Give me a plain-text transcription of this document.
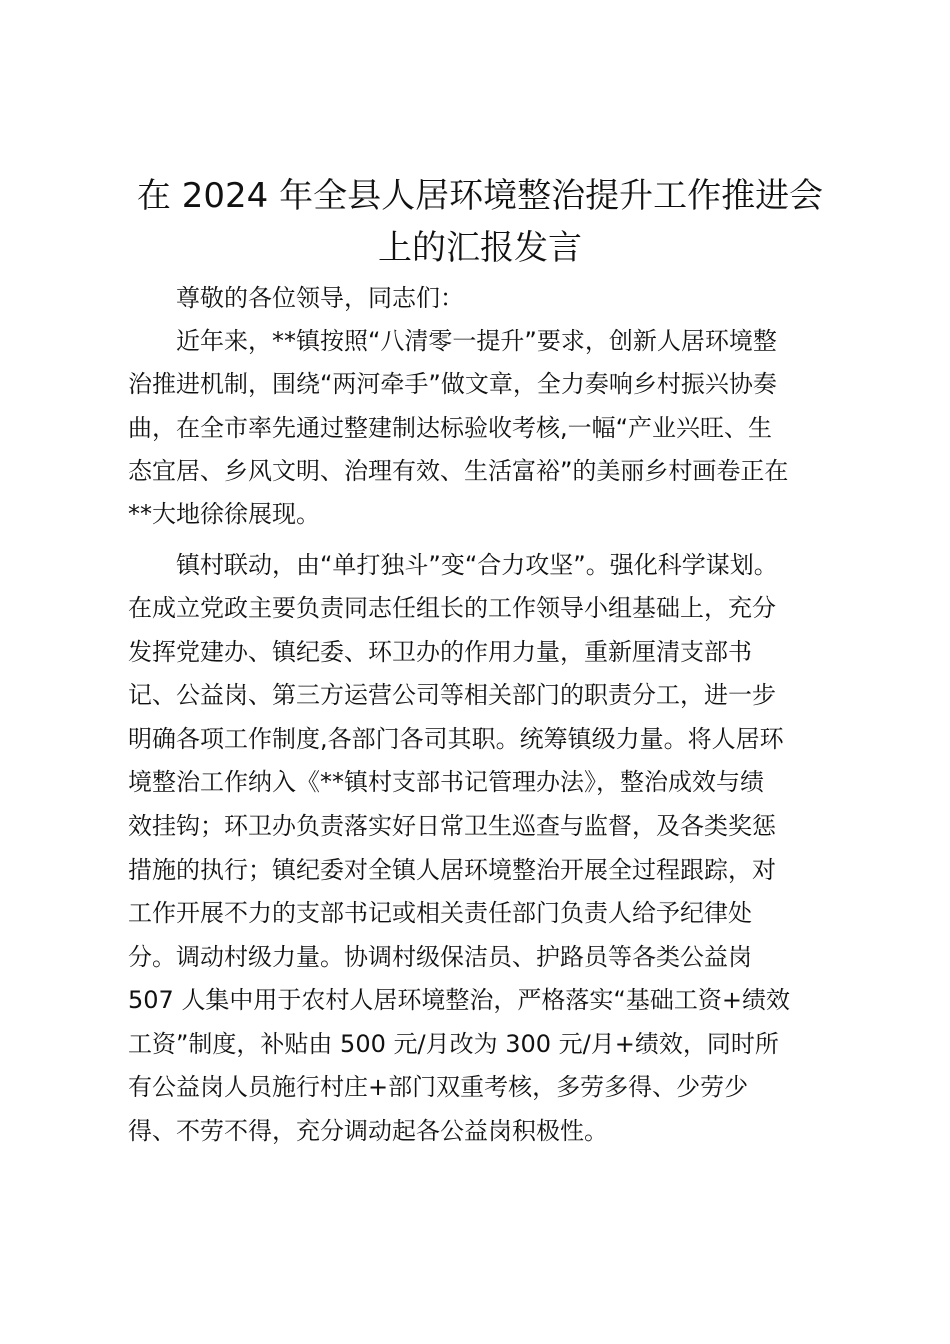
在 2024 年全县人居环境整治提升工作推进会
上的汇报发言

尊敬的各位领导，同志们：

近年来，**镇按照“八清零一提升”要求，创新人居环境整

治推进机制，围绕“两河牵手”做文章，全力奏响乡村振兴协奏

曲，在全市率先通过整建制达标验收考核,一幅“产业兴旺、生

态宜居、乡风文明、治理有效、生活富裕”的美丽乡村画卷正在

**大地徐徐展现。

镇村联动，由“单打独斗”变“合力攻坚”。强化科学谋划。

在成立党政主要负责同志任组长的工作领导小组基础上，充分

发挥党建办、镇纪委、环卫办的作用力量，重新厘清支部书

记、公益岗、第三方运营公司等相关部门的职责分工，进一步

明确各项工作制度,各部门各司其职。统筹镇级力量。将人居环

境整治工作纳入《**镇村支部书记管理办法》，整治成效与绩

效挂钩；环卫办负责落实好日常卫生巡查与监督，及各类奖惩

措施的执行；镇纪委对全镇人居环境整治开展全过程跟踪，对

工作开展不力的支部书记或相关责任部门负责人给予纪律处

分。调动村级力量。协调村级保洁员、护路员等各类公益岗

507 人集中用于农村人居环境整治，严格落实“基础工资+绩效

工资”制度，补贴由 500 元/月改为 300 元/月+绩效，同时所

有公益岗人员施行村庄+部门双重考核，多劳多得、少劳少

得、不劳不得，充分调动起各公益岗积极性。
